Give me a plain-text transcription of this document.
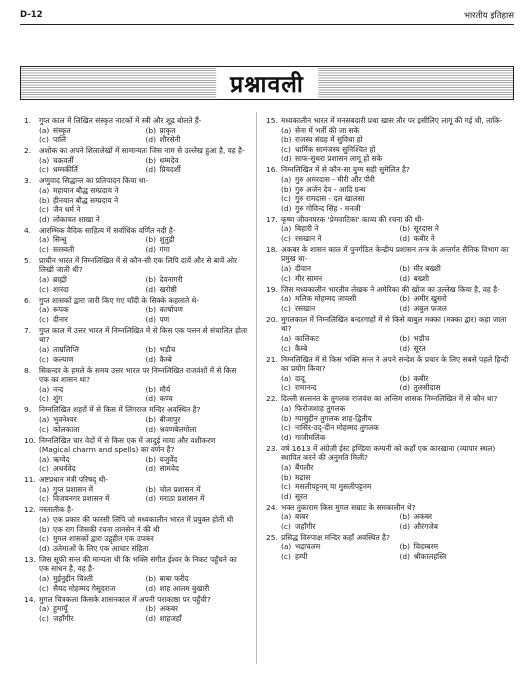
D-12	भारतीय इतिहास
प्रश्नावली
1.	गुप्त काल में लिखित संस्कृत नाटकों में स्त्री और शूद्र बोलते हैं-
(a) संस्कृत	(b) प्राकृत
(c) पालि	(d) शौरसेनी
2.	अशोक का अपने शिलालेखों में सामान्यतः जिस नाम से उल्लेख हुआ है, वह है-
(a) चक्रवर्ती	(b) धम्मदेव
(c) धम्मकीर्ति	(d) प्रियदर्शी
3.	अणुवाद सिद्धान्त का प्रतिपादन किया था-
(a) महायान बौद्ध सम्प्रदाय ने
(b) हीनयान बौद्ध सम्प्रदाय ने
(c) जैन धर्म ने
(d) लोकायत शाखा ने
4.	आरम्भिक वैदिक साहित्य में सर्वाधिक वर्णित नदी है-
(a) सिन्धु	(b) शुतुद्री
(c) सरस्वती	(d) गंगा
5.	प्राचीन भारत में निम्नलिखित में से कौन-सी एक लिपि दायें और से बायें ओर लिखी जाती थी?
(a) ब्राह्मी	(b) देवनागरी
(c) शारदा	(d) खरोष्ठी
6.	गुप्त शासकों द्वारा जारी किए गए चाँदी के सिक्के कहलाते थे-
(a) रूपक	(b) कार्षापण
(c) दीनार	(d) पण
7.	गुप्त काल में उत्तर भारत में निम्नलिखित में से किस एक पत्तन से संचालित होता था?
(a) ताम्रलिप्ति	(b) भड़ौच
(c) कल्याण	(d) कैम्बे
8.	सिकन्दर के हमले के समय उत्तर भारत पर निम्नलिखित राजवंशों में से किस एक का शासन था?
(a) नन्द	(b) मौर्य
(c) शुंग	(d) कण्व
9.	निम्नलिखित शहरों में से किस में लिंगराज मन्दिर अवस्थित है?
(a) भुवनेश्वर	(b) बीजापुर
(c) कोलकाता	(d) श्रवणबेलगोला
10. निम्नलिखित चार वेदों में से किस एक में जादुई माया और वशीकरण (Magical charm and spells) का वर्णन है?
(a) ऋग्वेद	(b) यजुर्वेद
(c) अथर्ववेद	(d) सामवेद
11. अष्टप्रधान मंत्री परिषद् थी-
(a) गुप्त प्रशासन में	(b) चोल प्रशासन में
(c) विजयनगर प्रशासन में	(d) मराठा प्रशासन में
12. नस्तालीक है-
(a) एक प्रकार की फारसी लिपि जो मध्यकालीन भारत में प्रयुक्त होती थी
(b) एक राग जिसकी रचना तानसेन ने की थी
(c) मुगल शासकों द्वारा उद्गृहीत एक उपकर
(d) उलेमाओं के लिए एक आचार संहिता
13. जिस सूफी सन्त की मान्यता थी कि भक्ति संगीत ईश्वर के निकट पहुँचने का एक साधन है, वह है-
(a) मुईनुद्दीन चिश्ती	(b) बाबा फरीद
(c) सैयद मोहम्मद गेसूदराज	(d) शाह आलम बुखारी
14. मुगल चित्रकला किसके शासनकाल में अपनी पराकाष्ठा पर पहुँची?
(a) हुमायूँ	(b) अकबर
(c) जहाँगीर	(d) शाहजहाँ
15. मध्यकालीन भारत में मनसबदारी प्रथा खास तौर पर इसीलिए लागू की गई थी, ताकि-
(a) सेना में भर्ती की जा सके
(b) राजस्व संग्रह में सुविधा हो
(c) धार्मिक सामंजस्य सुनिश्चित हो
(d) साफ-सुथरा प्रशासन लागू हो सके
16. निम्नलिखित में से कौन-सा युग्म सही सुमेलित है?
(a) गुरु अमरदास - मीरी और पीरी
(b) गुरु अर्जन देव - आदि ग्रन्थ
(c) गुरु रामदास - दल खालसा
(d) गुरु गोविन्द सिंह - मनजी
17. कृष्ण जीवनपरक 'प्रेमवाटिका' काव्य की रचना की थी-
(a) बिहारी ने	(b) सूरदास ने
(c) रसखान ने	(d) कबीर ने
18. अकबर के शासन काल में पुनर्गठित केन्द्रीय प्रशासन तन्त्र के अन्तर्गत सैनिक विभाग का प्रमुख था-
(a) दीवान	(b) मीर बख्शी
(c) मीर सामन	(d) बख्शी
19. जिस मध्यकालीन भारतीय लेखक ने अमेरिका की खोज का उल्लेख किया है, वह है-
(a) मलिक मोहम्मद जायसी	(b) अमीर खुसरो
(c) रसखान	(d) अबुल फजल
20. मुगलकाल में निम्नलिखित बन्दरगाहों में से किसे बाबुल मक्का (मक्का द्वार) कहा जाता था?
(a) कालिकट	(b) भड़ौच
(c) कैम्बे	(d) सूरत
21. निम्नलिखित में से किस भक्ति सन्त ने अपने सन्देश के प्रचार के लिए सबसे पहले हिन्दी का प्रयोग किया?
(a) दादू	(b) कबीर
(c) रामानन्द	(d) तुलसीदास
22. दिल्ली सल्तनत के तुगलक राजवंश का अन्तिम शासक निम्नलिखित में से कौन था?
(a) फिरोजशाह तुगलक
(b) ग्यासुद्दीन तुगलक शाह-द्वितीय
(c) नासिर-उद्-दीन मोहम्मद तुगलक
(d) गाजीमलिक
23. वर्ष 1613 में अंग्रेज़ी ईस्ट इण्डिया कम्पनी को कहाँ एक कारखाना (व्यापार स्थल) स्थापित करने की अनुमति मिली?
(a) बैंगलौर
(b) मद्रास
(c) मसलीपट्टनम् या मुसलीपट्टनम
(d) सूरत
24. भक्त तुकाराम किस मुगल सम्राट के समकालीन थे?
(a) बाबर	(b) अकबर
(c) जहाँगीर	(d) औरंगजेब
25. प्रसिद्ध विरुपाक्ष मन्दिर कहाँ अवस्थित है?
(a) भद्राचलम	(b) चिदम्बरम
(c) हम्पी	(d) श्रीकालहस्ति
